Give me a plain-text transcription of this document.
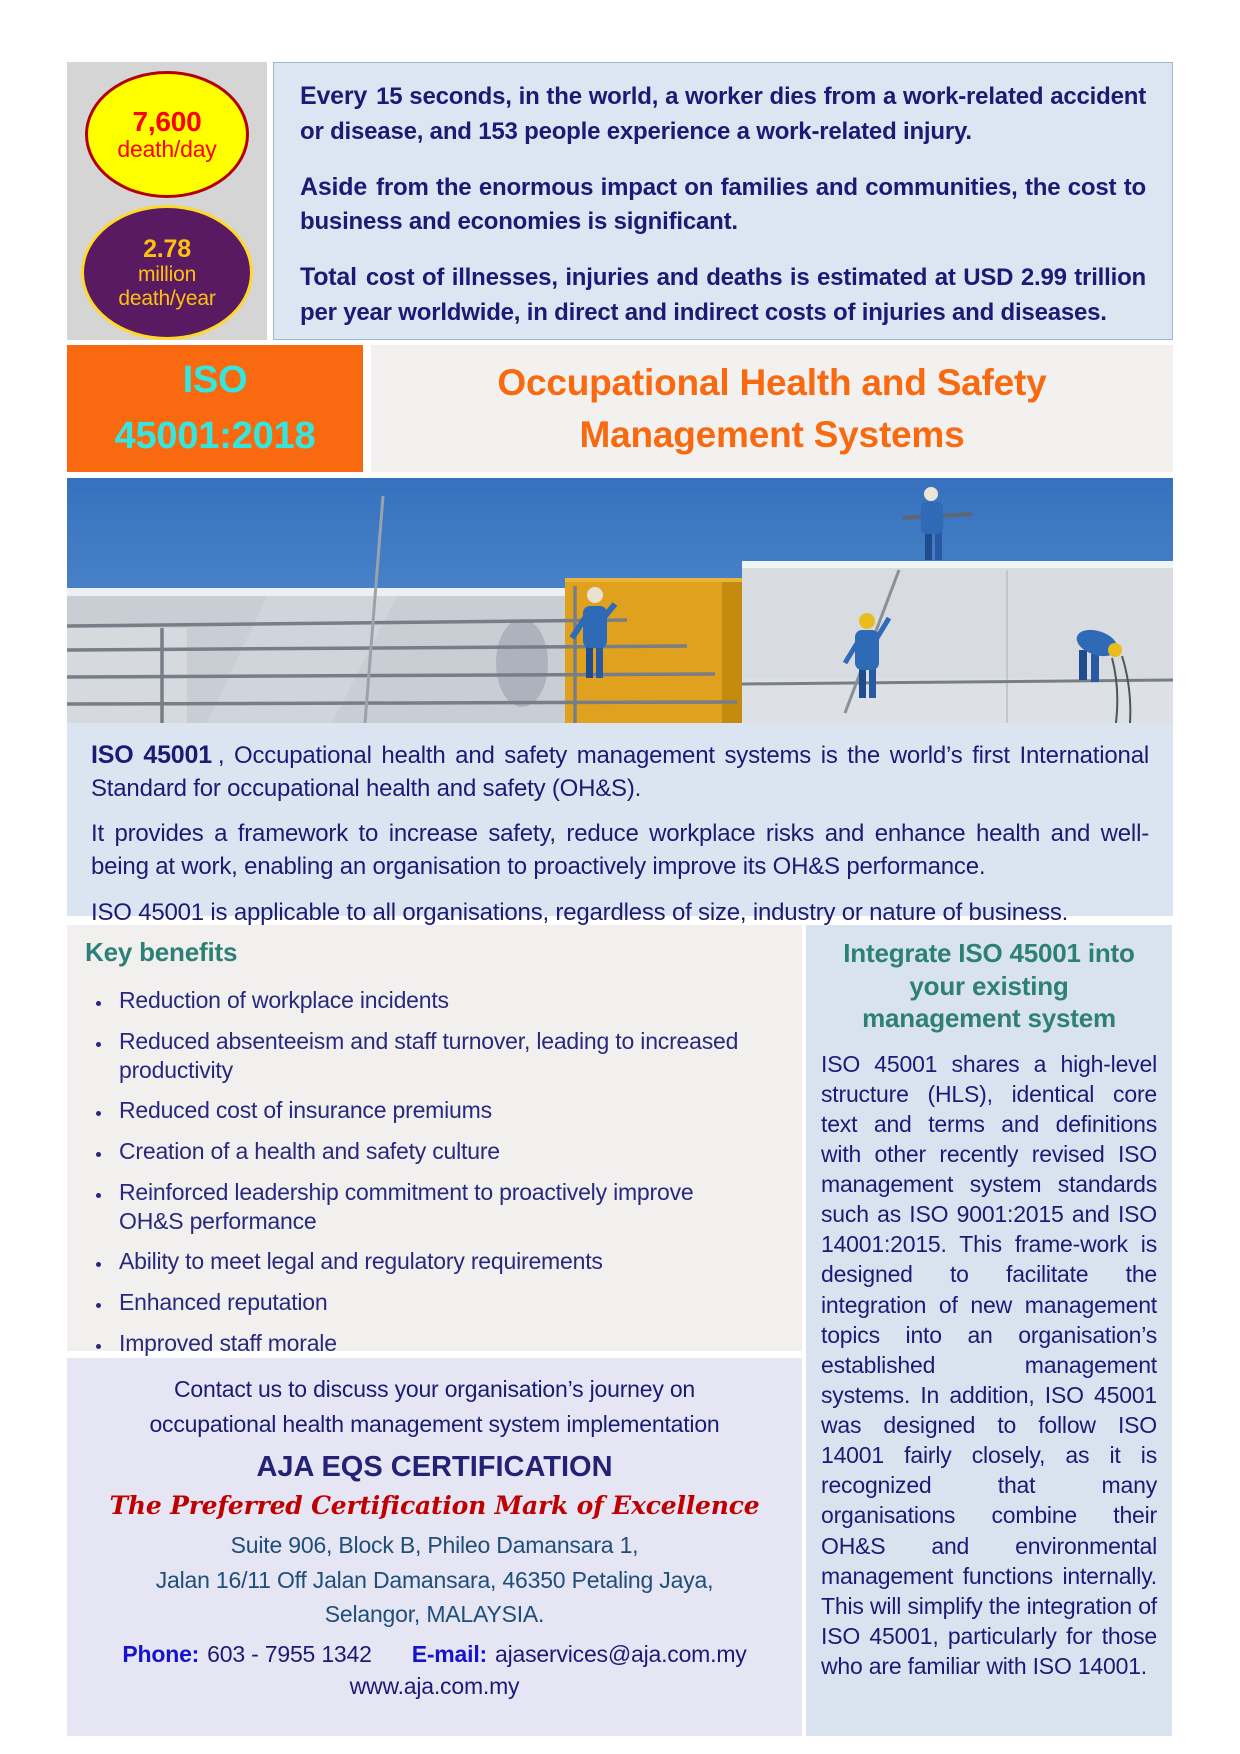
7,600
death/day
2.78
million
death/year

Every 15 seconds, in the world, a worker dies from a work-related accident or disease, and 153 people experience a work-related injury.

Aside from the enormous impact on families and communities, the cost to business and economies is significant.

Total cost of illnesses, injuries and deaths is estimated at USD 2.99 trillion per year worldwide, in direct and indirect costs of injuries and diseases.

ISO
45001:2018
Occupational Health and Safety
Management Systems

ISO 45001 , Occupational health and safety management systems is the world’s first International Standard for occupational health and safety (OH&S).

It provides a framework to increase safety, reduce workplace risks and enhance health and well-being at work, enabling an organisation to proactively improve its OH&S performance.

ISO 45001 is applicable to all organisations, regardless of size, industry or nature of business.

Key benefits
• Reduction of workplace incidents
• Reduced absenteeism and staff turnover, leading to increased productivity
• Reduced cost of insurance premiums
• Creation of a health and safety culture
• Reinforced leadership commitment to proactively improve OH&S performance
• Ability to meet legal and regulatory requirements
• Enhanced reputation
• Improved staff morale
Contact us to discuss your organisation’s journey on
occupational health management system implementation
AJA EQS CERTIFICATION
The Preferred Certification Mark of Excellence
Suite 906, Block B, Phileo Damansara 1,
Jalan 16/11 Off Jalan Damansara, 46350 Petaling Jaya,
Selangor, MALAYSIA.
Phone: 603 - 7955 1342 E-mail: ajaservices@aja.com.my
www.aja.com.my
Integrate ISO 45001 into
your existing
management system
ISO 45001 shares a high-level structure (HLS), identical core text and terms and definitions with other recently revised ISO management system standards such as ISO 9001:2015 and ISO 14001:2015. This frame-work is designed to facilitate the integration of new management topics into an organisation’s established management systems. In addition, ISO 45001 was designed to follow ISO 14001 fairly closely, as it is recognized that many organisations combine their OH&S and environmental management functions internally. This will simplify the integration of ISO 45001, particularly for those who are familiar with ISO 14001.
